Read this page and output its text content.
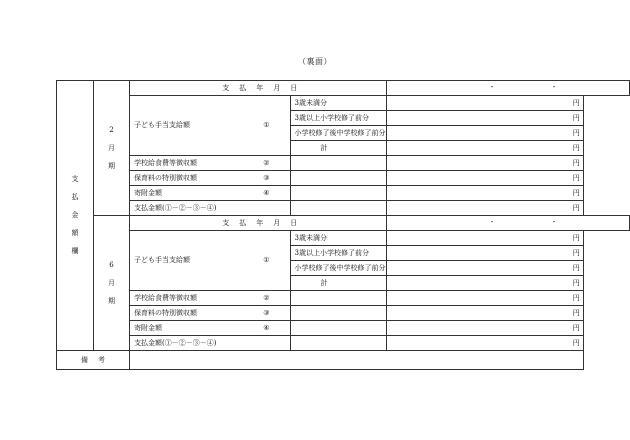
（裏面）
支
払
金
額
欄	2
月
期	支 払 年 月 日		・ ・

		子ども手当支給額 ①	3歳未満分	円
			3歳以上小学校修了前分	円
			小学校修了後中学校修了前分	円
			計	円
		学校給食費等徴収額 ②		円
		保育料の特別徴収額 ③		円
		寄附金額 ④		円
		支払金額(①－②－③－④)		円

	6
月
期	支 払 年 月 日		・ ・

		子ども手当支給額 ①	3歳未満分	円
			3歳以上小学校修了前分	円
			小学校修了後中学校修了前分	円
			計	円
		学校給食費等徴収額 ②		円
		保育料の特別徴収額 ③		円
		寄附金額 ④		円
		支払金額(①－②－③－④)		円
備 考				
